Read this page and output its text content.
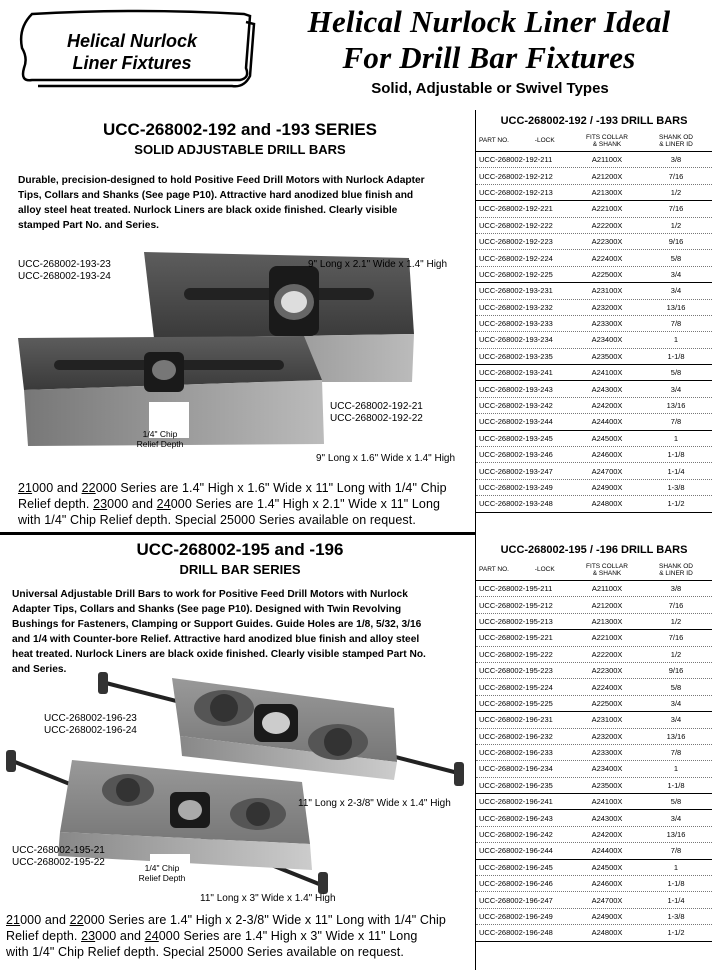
Helical Nurlock
Liner Fixtures
Helical Nurlock Liner Ideal
For Drill Bar Fixtures
Solid, Adjustable or Swivel Types
UCC-268002-192 and -193 SERIES
SOLID ADJUSTABLE DRILL BARS
Durable, precision-designed to hold Positive Feed Drill Motors with Nurlock Adapter
Tips, Collars and Shanks (See page P10). Attractive hard anodized blue finish and
alloy steel heat treated. Nurlock Liners are black oxide finished. Clearly visible
stamped Part No. and Series.
UCC-268002-193-23
UCC-268002-193-24
9" Long x 2.1" Wide x 1.4" High
UCC-268002-192-21
UCC-268002-192-22
1/4" Chip
Relief Depth
9" Long x 1.6" Wide x 1.4" High
21000 and 22000 Series are 1.4" High x 1.6" Wide x 11" Long with 1/4" Chip
Relief depth. 23000 and 24000 Series are 1.4" High x 2.1" Wide x 11" Long
with 1/4" Chip Relief depth. Special 25000 Series available on request.
UCC-268002-195 and -196
DRILL BAR SERIES
Universal Adjustable Drill Bars to work for Positive Feed Drill Motors with Nurlock
Adapter Tips, Collars and Shanks (See page P10). Designed with Twin Revolving
Bushings for Fasteners, Clamping or Support Guides. Guide Holes are 1/8, 5/32, 3/16
and 1/4 with Counter-bore Relief. Attractive hard anodized blue finish and alloy steel
heat treated. Nurlock Liners are black oxide finished. Clearly visible stamped Part No.
and Series.
UCC-268002-196-23
UCC-268002-196-24
11" Long x 2-3/8" Wide x 1.4" High
UCC-268002-195-21
UCC-268002-195-22	1/4" Chip
Relief Depth
11" Long x 3" Wide x 1.4" High
21000 and 22000 Series are 1.4" High x 2-3/8" Wide x 11" Long with 1/4" Chip
Relief depth. 23000 and 24000 Series are 1.4" High x 3" Wide x 11" Long
with 1/4" Chip Relief depth. Special 25000 Series available on request.
UCC-268002-192 / -193 DRILL BARS
PART NO.	-LOCK	FITS COLLAR
& SHANK
SHANK OD
& LINER ID
UCC-268002-192-211	A21100X	3/8
UCC-268002-192-212	A21200X	7/16
UCC-268002-192-213	A21300X	1/2
UCC-268002-192-221	A22100X	7/16
UCC-268002-192-222	A22200X	1/2
UCC-268002-192-223	A22300X	9/16
UCC-268002-192-224	A22400X	5/8
UCC-268002-192-225	A22500X	3/4
UCC-268002-193-231	A23100X	3/4
UCC-268002-193-232	A23200X	13/16
UCC-268002-193-233	A23300X	7/8
UCC-268002-193-234	A23400X	1
UCC-268002-193-235	A23500X	1-1/8
UCC-268002-193-241	A24100X	5/8
UCC-268002-193-243	A24300X	3/4
UCC-268002-193-242	A24200X	13/16
UCC-268002-193-244	A24400X	7/8
UCC-268002-193-245	A24500X	1
UCC-268002-193-246	A24600X	1-1/8
UCC-268002-193-247	A24700X	1-1/4
UCC-268002-193-249	A24900X	1-3/8
UCC-268002-193-248	A24800X	1-1/2
UCC-268002-195 / -196 DRILL BARS
PART NO.	-LOCK	FITS COLLAR
& SHANK
SHANK OD
& LINER ID
UCC-268002-195-211	A21100X	3/8
UCC-268002-195-212	A21200X	7/16
UCC-268002-195-213	A21300X	1/2
UCC-268002-195-221	A22100X	7/16
UCC-268002-195-222	A22200X	1/2
UCC-268002-195-223	A22300X	9/16
UCC-268002-195-224	A22400X	5/8
UCC-268002-195-225	A22500X	3/4
UCC-268002-196-231	A23100X	3/4
UCC-268002-196-232	A23200X	13/16
UCC-268002-196-233	A23300X	7/8
UCC-268002-196-234	A23400X	1
UCC-268002-196-235	A23500X	1-1/8
UCC-268002-196-241	A24100X	5/8
UCC-268002-196-243	A24300X	3/4
UCC-268002-196-242	A24200X	13/16
UCC-268002-196-244	A24400X	7/8
UCC-268002-196-245	A24500X	1
UCC-268002-196-246	A24600X	1-1/8
UCC-268002-196-247	A24700X	1-1/4
UCC-268002-196-249	A24900X	1-3/8
UCC-268002-196-248	A24800X	1-1/2
